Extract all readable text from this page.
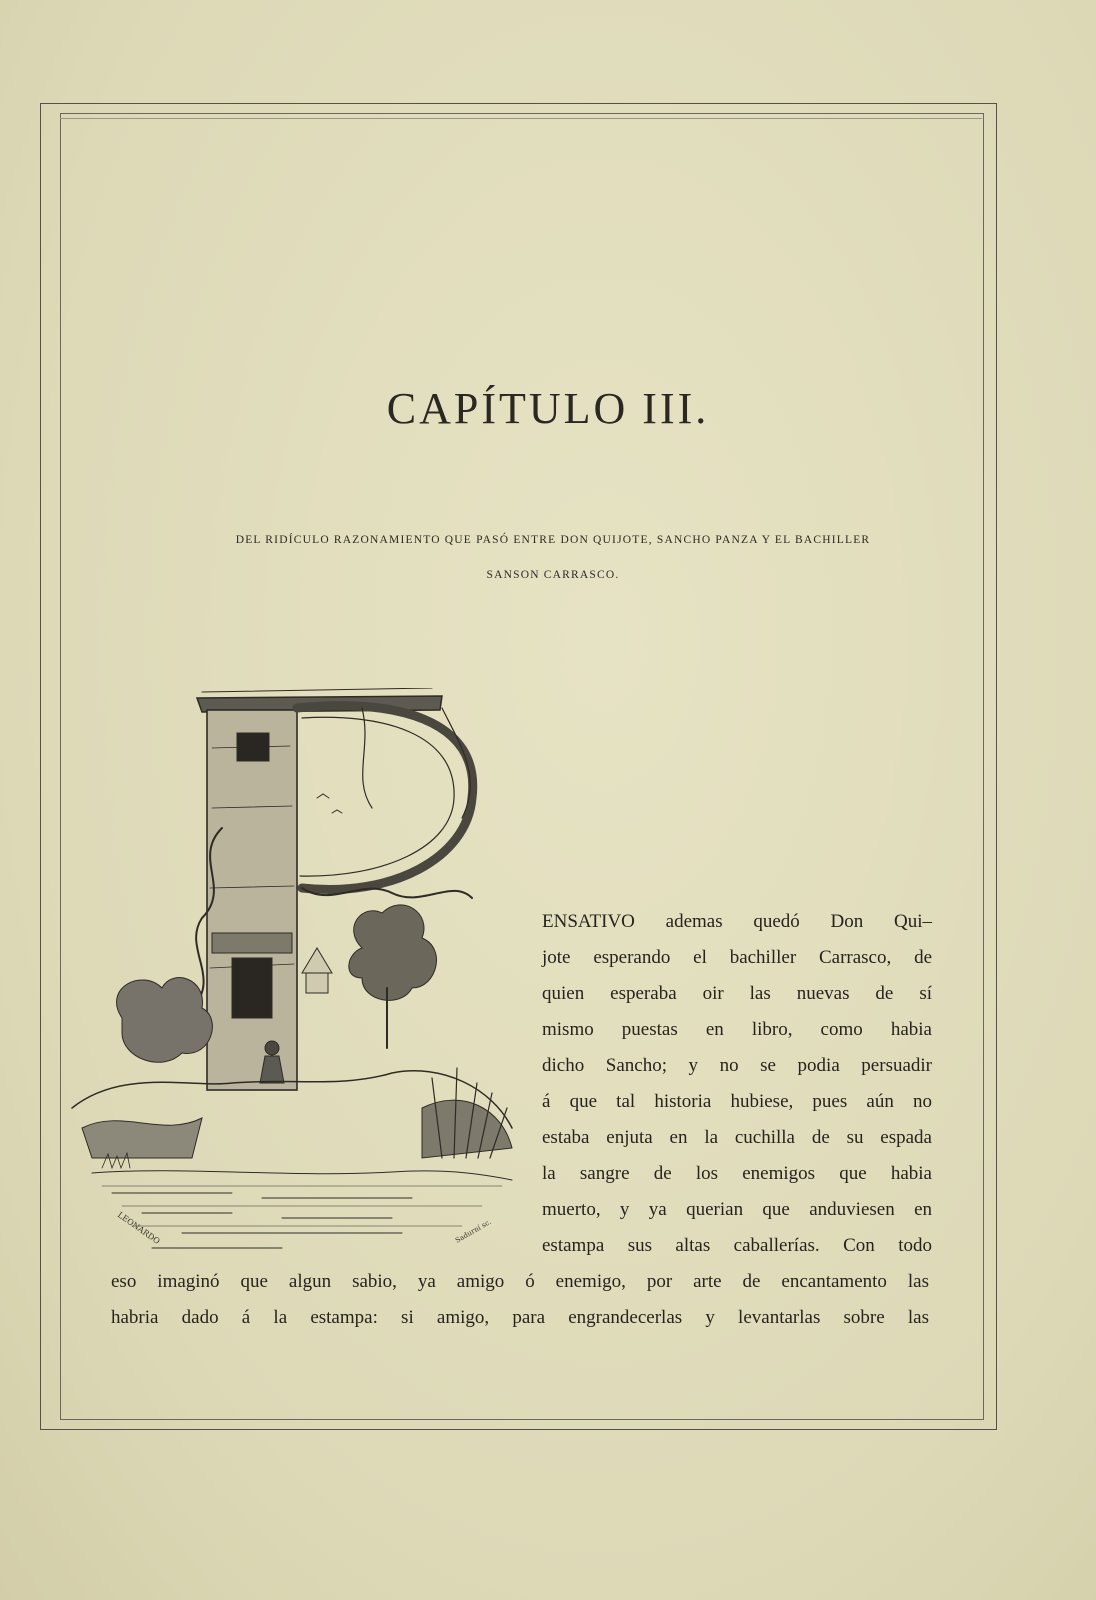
CAPÍTULO III.
DEL RIDÍCULO RAZONAMIENTO QUE PASÓ ENTRE DON QUIJOTE, SANCHO PANZA Y EL BACHILLER
SANSON CARRASCO.
LEONARDO	Sadurní sc.
ENSATIVO ademas quedó Don Qui–
jote esperando el bachiller Carrasco, de
quien esperaba oir las nuevas de sí
mismo puestas en libro, como habia
dicho Sancho; y no se podia persuadir
á que tal historia hubiese, pues aún no
estaba enjuta en la cuchilla de su espada
la sangre de los enemigos que habia
muerto, y ya querian que anduviesen en
estampa sus altas caballerías. Con todo
eso imaginó que algun sabio, ya amigo ó enemigo, por arte de encantamento las
habria dado á la estampa: si amigo, para engrandecerlas y levantarlas sobre las
